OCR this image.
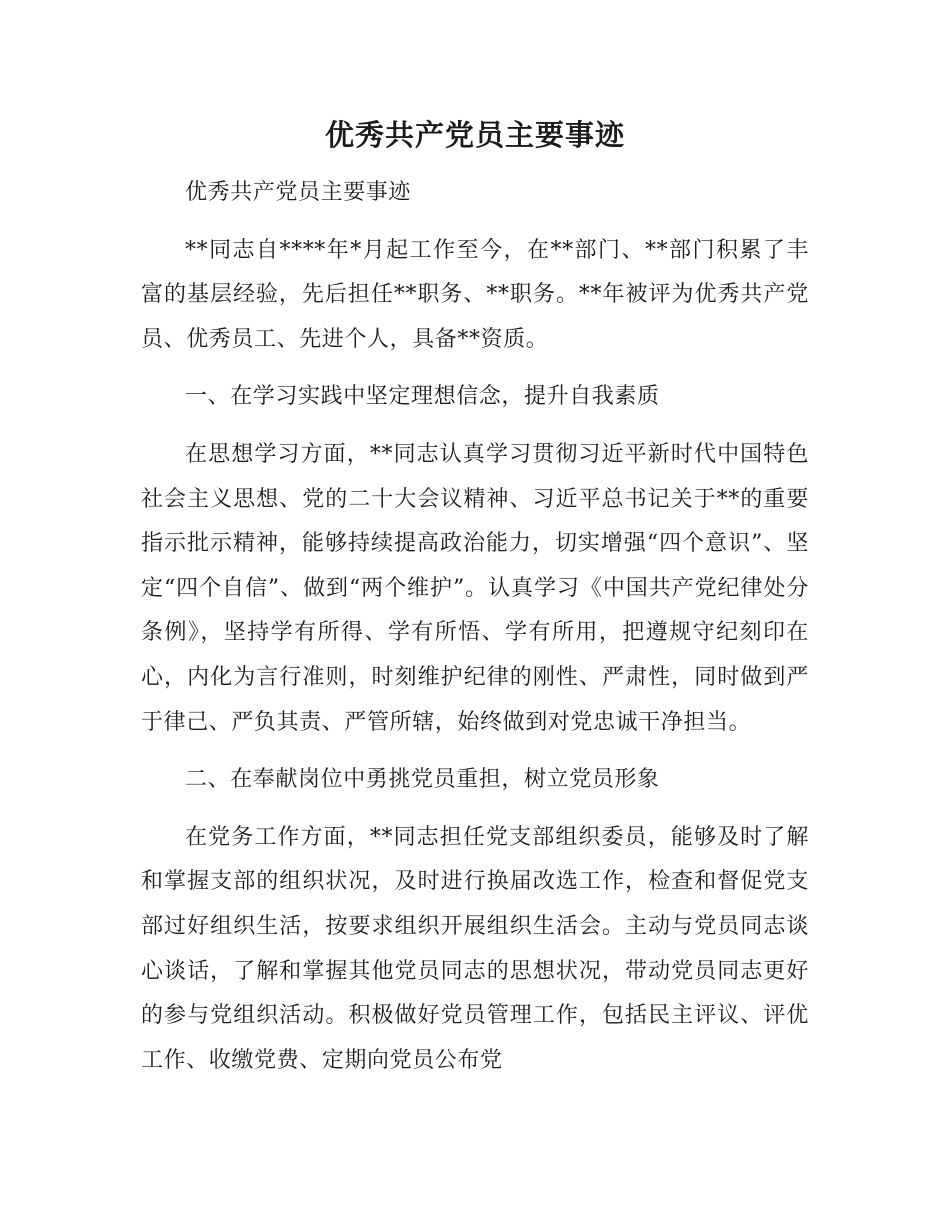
优秀共产党员主要事迹

优秀共产党员主要事迹

**同志自****年*月起工作至今，在**部门、**部门积累了丰富的基层经验，先后担任**职务、**职务。**年被评为优秀共产党员、优秀员工、先进个人，具备**资质。

一、在学习实践中坚定理想信念，提升自我素质

在思想学习方面，**同志认真学习贯彻习近平新时代中国特色社会主义思想、党的二十大会议精神、习近平总书记关于**的重要指示批示精神，能够持续提高政治能力，切实增强“四个意识”、坚定“四个自信”、做到“两个维护”。认真学习《中国共产党纪律处分条例》，坚持学有所得、学有所悟、学有所用，把遵规守纪刻印在心，内化为言行准则，时刻维护纪律的刚性、严肃性，同时做到严于律己、严负其责、严管所辖，始终做到对党忠诚干净担当。

二、在奉献岗位中勇挑党员重担，树立党员形象

在党务工作方面，**同志担任党支部组织委员，能够及时了解和掌握支部的组织状况，及时进行换届改选工作，检查和督促党支部过好组织生活，按要求组织开展组织生活会。主动与党员同志谈心谈话，了解和掌握其他党员同志的思想状况，带动党员同志更好的参与党组织活动。积极做好党员管理工作，包括民主评议、评优工作、收缴党费、定期向党员公布党
